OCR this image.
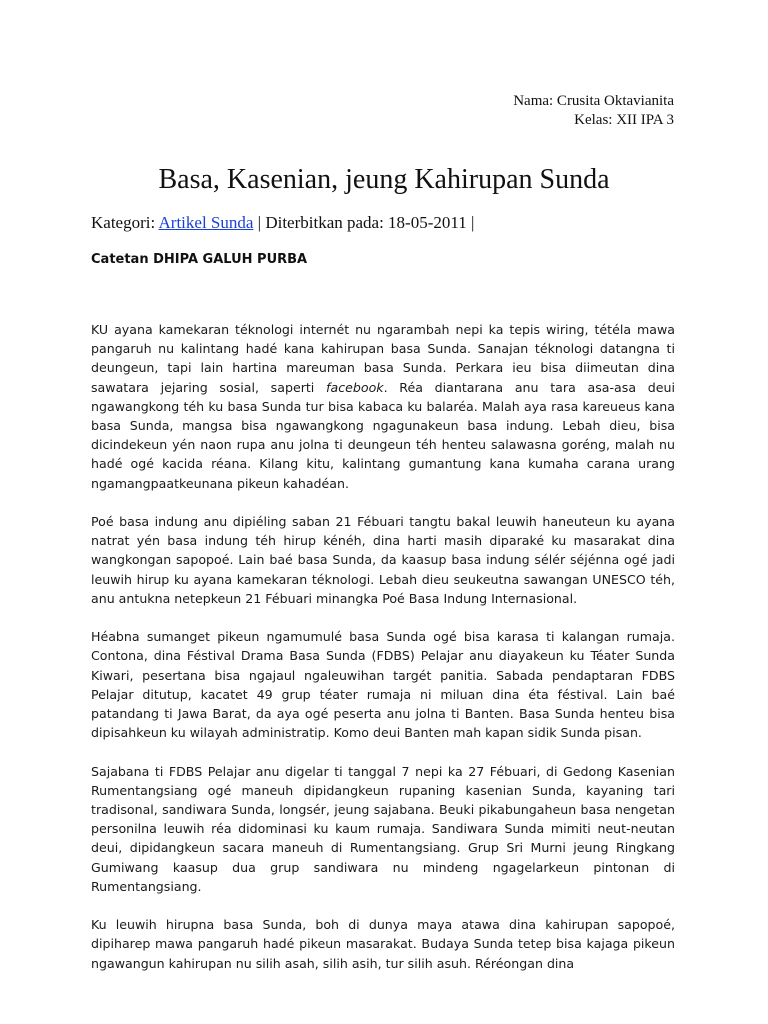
Nama: Crusita Oktavianita
Kelas: XII IPA 3
Basa, Kasenian, jeung Kahirupan Sunda
Kategori: Artikel Sunda | Diterbitkan pada: 18-05-2011 |
Catetan DHIPA GALUH PURBA

KU ayana kamekaran téknologi internét nu ngarambah nepi ka tepis wiring, tétéla mawa pangaruh nu kalintang hadé kana kahirupan basa Sunda. Sanajan téknologi datangna ti deungeun, tapi lain hartina mareuman basa Sunda. Perkara ieu bisa diimeutan dina sawatara jejaring sosial, saperti facebook. Réa diantarana anu tara asa-asa deui ngawangkong téh ku basa Sunda tur bisa kabaca ku balaréa. Malah aya rasa kareueus kana basa Sunda, mangsa bisa ngawangkong ngagunakeun basa indung. Lebah dieu, bisa dicindekeun yén naon rupa anu jolna ti deungeun téh henteu salawasna goréng, malah nu hadé ogé kacida réana. Kilang kitu, kalintang gumantung kana kumaha carana urang ngamangpaatkeunana pikeun kahadéan.

Poé basa indung anu dipiéling saban 21 Fébuari tangtu bakal leuwih haneuteun ku ayana natrat yén basa indung téh hirup kénéh, dina harti masih diparaké ku masarakat dina wangkongan sapopoé. Lain baé basa Sunda, da kaasup basa indung sélér séjénna ogé jadi leuwih hirup ku ayana kamekaran téknologi. Lebah dieu seukeutna sawangan UNESCO téh, anu antukna netepkeun 21 Fébuari minangka Poé Basa Indung Internasional.

Héabna sumanget pikeun ngamumulé basa Sunda ogé bisa karasa ti kalangan rumaja. Contona, dina Féstival Drama Basa Sunda (FDBS) Pelajar anu diayakeun ku Téater Sunda Kiwari, pesertana bisa ngajaul ngaleuwihan targét panitia. Sabada pendaptaran FDBS Pelajar ditutup, kacatet 49 grup téater rumaja ni miluan dina éta féstival. Lain baé patandang ti Jawa Barat, da aya ogé peserta anu jolna ti Banten. Basa Sunda henteu bisa dipisahkeun ku wilayah administratip. Komo deui Banten mah kapan sidik Sunda pisan.

Sajabana ti FDBS Pelajar anu digelar ti tanggal 7 nepi ka 27 Fébuari, di Gedong Kasenian Rumentangsiang ogé maneuh dipidangkeun rupaning kasenian Sunda, kayaning tari tradisonal, sandiwara Sunda, longsér, jeung sajabana. Beuki pikabungaheun basa nengetan personilna leuwih réa didominasi ku kaum rumaja. Sandiwara Sunda mimiti neut-neutan deui, dipidangkeun sacara maneuh di Rumentangsiang. Grup Sri Murni jeung Ringkang Gumiwang kaasup dua grup sandiwara nu mindeng ngagelarkeun pintonan di Rumentangsiang.

Ku leuwih hirupna basa Sunda, boh di dunya maya atawa dina kahirupan sapopoé, dipiharep mawa pangaruh hadé pikeun masarakat. Budaya Sunda tetep bisa kajaga pikeun ngawangun kahirupan nu silih asah, silih asih, tur silih asuh. Réréongan dina
